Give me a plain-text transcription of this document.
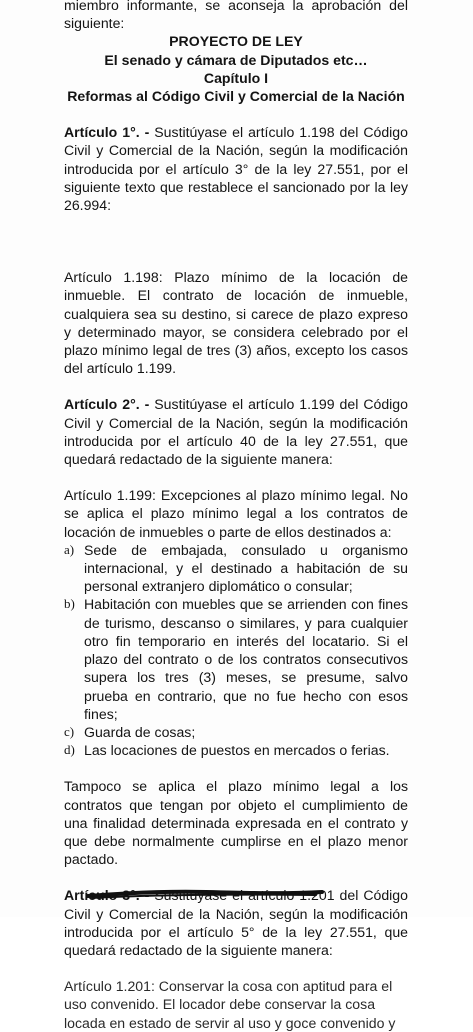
miembro informante, se aconseja la aprobación del siguiente:

PROYECTO DE LEY

El senado y cámara de Diputados etc…

Capítulo I

Reformas al Código Civil y Comercial de la Nación

Artículo 1°. - Sustitúyase el artículo 1.198 del Código Civil y Comercial de la Nación, según la modificación introducida por el artículo 3° de la ley 27.551, por el siguiente texto que restablece el sancionado por la ley 26.994:

Artículo 1.198: Plazo mínimo de la locación de inmueble. El contrato de locación de inmueble, cualquiera sea su destino, si carece de plazo expreso y determinado mayor, se considera celebrado por el plazo mínimo legal de tres (3) años, excepto los casos del artículo 1.199.

Artículo 2°. - Sustitúyase el artículo 1.199 del Código Civil y Comercial de la Nación, según la modificación introducida por el artículo 40 de la ley 27.551, que quedará redactado de la siguiente manera:

Artículo 1.199: Excepciones al plazo mínimo legal. No se aplica el plazo mínimo legal a los contratos de locación de inmuebles o parte de ellos destinados a:

a) Sede de embajada, consulado u organismo internacional, y el destinado a habitación de su personal extranjero diplomático o consular;
b) Habitación con muebles que se arrienden con fines de turismo, descanso o similares, y para cualquier otro fin temporario en interés del locatario. Si el plazo del contrato o de los contratos consecutivos supera los tres (3) meses, se presume, salvo prueba en contrario, que no fue hecho con esos fines;
c) Guarda de cosas;
d) Las locaciones de puestos en mercados o ferias.

Tampoco se aplica el plazo mínimo legal a los contratos que tengan por objeto el cumplimiento de una finalidad determinada expresada en el contrato y que debe normalmente cumplirse en el plazo menor pactado.

Artículo 3°. - Sustitúyase el artículo 1.201 del Código Civil y Comercial de la Nación, según la modificación introducida por el artículo 5° de la ley 27.551, que quedará redactado de la siguiente manera:

Artículo 1.201: Conservar la cosa con aptitud para el

uso convenido. El locador debe conservar la cosa

locada en estado de servir al uso y goce convenido y
